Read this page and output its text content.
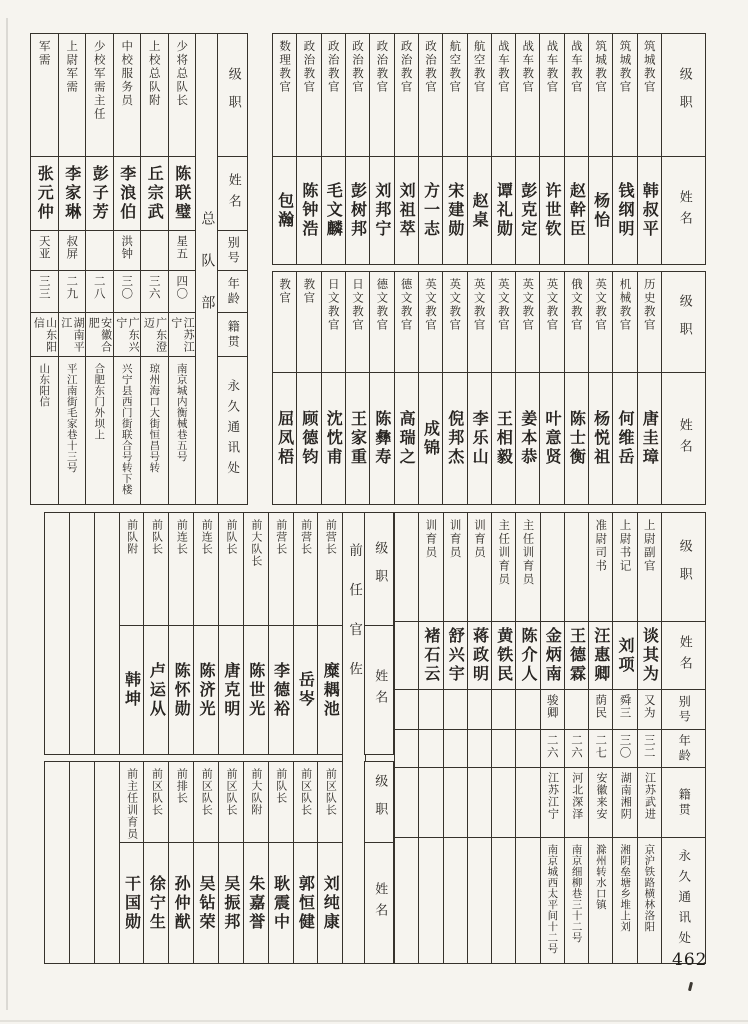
级职
姓名
筑城教官
韩叔平
筑城教官
钱纲明
筑城教官
杨怡
战车教官
赵幹臣
战车教官
许世钦
战车教官
彭克定
战车教官
谭礼勋
航空教官
赵桌
航空教官
宋建勋
政治教官
方一志
政治教官
刘祖萃
政治教官
刘邦宁
政治教官
彭树邦
政治教官
毛文麟
政治教官
陈钟浩
数理教官
包瀚
级职
姓名
历史教官
唐圭璋
机械教官
何维岳
英文教官
杨悦祖
俄文教官
陈士衡
英文教官
叶意贤
英文教官
姜本恭
英文教官
王相毅
英文教官
李乐山
英文教官
倪邦杰
英文教官
成锦
德文教官
高瑞之
德文教官
陈彝寿
日文教官
王家重
日文教官
沈忱甫
教官
顾德钧
教官
屈凤梧
级职
姓名
别号
年龄
籍贯
永久通讯处
总队部
少将总队长
陈联璧
星五
四〇
江苏江宁
南京城内衡械巷五号
上校总队附
丘宗武
三六
广东澄迈
琼州海口大街恒昌号转
中校服务员
李浪伯
洪钟
三〇
广东兴宁
兴宁县西门街联合号转下楼
少校军需主任
彭子芳
二八
安徽合肥
合肥东门外坝上
上尉军需
李家琳
叔屏
二九
湖南平江
平江南街毛家巷十三号
军需
张元仲
天亚
三三
山东阳信
山东阳信
级职
姓名
别号
年龄
籍贯
永久通讯处
上尉副官
谈其为
又为
三二
江苏武进
京沪铁路横林洛阳
上尉书记
刘项
舜三
三〇
湖南湘阴
湘阴垒塘乡堆上刘
准尉司书
汪惠卿
荫民
二七
安徽来安
滁州转水口镇
王德霖
二六
河北深泽
南京细柳巷三十二号
金炳南
骏卿
二六
江苏江宁
南京城西太平间十二号
主任训育员
陈介人
主任训育员
黄铁民
训育员
蒋政明
训育员
舒兴宇
训育员
褚石云
级职
姓名
级职
姓名
前任官佐
前营长
糜耦池
前营长
岳岑
前营长
李德裕
前大队长
陈世光
前队长
唐克明
前连长
陈济光
前连长
陈怀勋
前队长
卢运从
前队附
韩坤
前区队长
刘纯康
前区队长
郭恒健
前队长
耿震中
前大队附
朱嘉誉
前区队长
吴振邦
前区队长
吴钻荣
前排长
孙仲猷
前区队长
徐宁生
前主任训育员
干国勋
462
